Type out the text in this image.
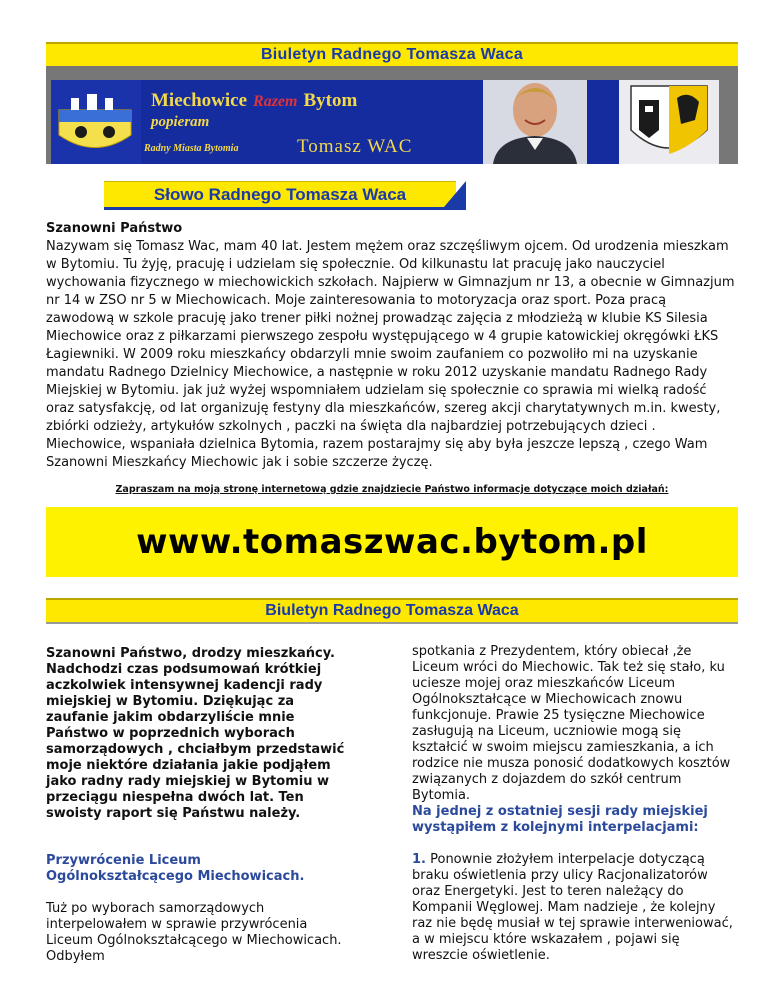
Biuletyn Radnego Tomasza Waca
Miechowice Razem Bytom
popieram
Radny Miasta Bytomia	Tomasz WAC
Słowo Radnego Tomasza Waca

Szanowni Państwo

Nazywam się Tomasz Wac, mam 40 lat. Jestem mężem oraz szczęśliwym ojcem. Od urodzenia mieszkam w Bytomiu. Tu żyję, pracuję i udzielam się społecznie. Od kilkunastu lat pracuję jako nauczyciel wychowania fizycznego w miechowickich szkołach. Najpierw w Gimnazjum nr 13, a obecnie w Gimnazjum nr 14 w ZSO nr 5 w Miechowicach. Moje zainteresowania to motoryzacja oraz sport. Poza pracą zawodową w szkole pracuję jako trener piłki nożnej prowadząc zajęcia z młodzieżą w klubie KS Silesia Miechowice oraz z piłkarzami pierwszego zespołu występującego w 4 grupie katowickiej okręgówki ŁKS Łagiewniki. W 2009 roku mieszkańcy obdarzyli mnie swoim zaufaniem co pozwoliło mi na uzyskanie mandatu Radnego Dzielnicy Miechowice, a następnie w roku 2012 uzyskanie mandatu Radnego Rady Miejskiej w Bytomiu. jak już wyżej wspomniałem udzielam się społecznie co sprawia mi wielką radość oraz satysfakcję, od lat organizuję festyny dla mieszkańców, szereg akcji charytatywnych m.in. kwesty, zbiórki odzieży, artykułów szkolnych , paczki na święta dla najbardziej potrzebujących dzieci .

Miechowice, wspaniała dzielnica Bytomia, razem postarajmy się aby była jeszcze lepszą , czego Wam Szanowni Mieszkańcy Miechowic jak i sobie szczerze życzę.

Zapraszam na moją stronę internetową gdzie znajdziecie Państwo informacje dotyczące moich działań:
www.tomaszwac.bytom.pl
Biuletyn Radnego Tomasza Waca
Szanowni Państwo, drodzy mieszkańcy. Nadchodzi czas podsumowań krótkiej aczkolwiek intensywnej kadencji rady miejskiej w Bytomiu. Dziękując za zaufanie jakim obdarzyliście mnie Państwo w poprzednich wyborach samorządowych , chciałbym przedstawić moje niektóre działania jakie podjąłem jako radny rady miejskiej w Bytomiu w przeciągu niespełna dwóch lat. Ten swoisty raport się Państwu należy.
Przywrócenie Liceum Ogólnokształcącego Miechowicach.
Tuż po wyborach samorządowych interpelowałem w sprawie przywrócenia Liceum Ogólnokształcącego w Miechowicach. Odbyłem
spotkania z Prezydentem, który obiecał ,że Liceum wróci do Miechowic. Tak też się stało, ku uciesze mojej oraz mieszkańców Liceum Ogólnokształcące w Miechowicach znowu funkcjonuje. Prawie 25 tysięczne Miechowice zasługują na Liceum, uczniowie mogą się kształcić w swoim miejscu zamieszkania, a ich rodzice nie musza ponosić dodatkowych kosztów związanych z dojazdem do szkół centrum Bytomia.
Na jednej z ostatniej sesji rady miejskiej wystąpiłem z kolejnymi interpelacjami:
1. Ponownie złożyłem interpelacje dotyczącą braku oświetlenia przy ulicy Racjonalizatorów oraz Energetyki. Jest to teren należący do Kompanii Węglowej. Mam nadzieje , że kolejny raz nie będę musiał w tej sprawie interweniować, a w miejscu które wskazałem , pojawi się wreszcie oświetlenie.
